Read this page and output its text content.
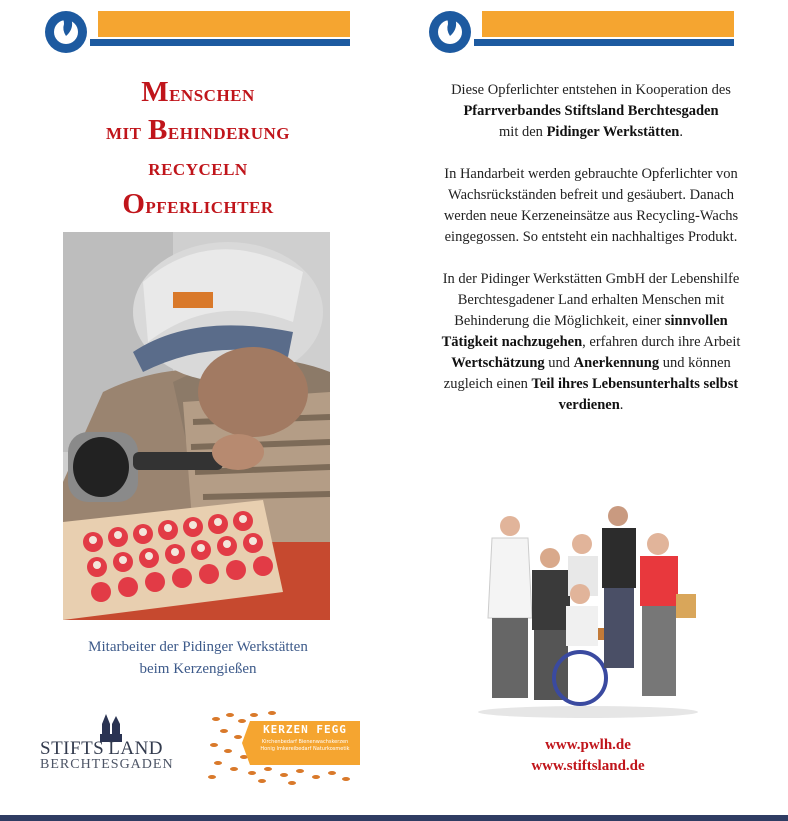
Menschen
mit Behinderung
recyceln
Opferlichter
Mitarbeiter der Pidinger Werkstätten
beim Kerzengießen
STIFTS LAND
BERCHTESGADEN
KERZEN FEGG
Kirchenbedarf Bienenwachskerzen Honig Imkereibedarf Naturkosmetik

Diese Opferlichter entstehen in Kooperation des
Pfarrverbandes Stiftsland Berchtesgaden
mit den Pidinger Werkstätten.

In Handarbeit werden gebrauchte Opferlichter von Wachsrückständen befreit und gesäubert. Danach werden neue Kerzeneinsätze aus Recycling-Wachs eingegossen. So entsteht ein nachhaltiges Produkt.

In der Pidinger Werkstätten GmbH der Lebenshilfe Berchtesgadener Land erhalten Menschen mit Behinderung die Möglichkeit, einer sinnvollen Tätigkeit nachzugehen, erfahren durch ihre Arbeit Wertschätzung und Anerkennung und können zugleich einen Teil ihres Lebensunterhalts selbst verdienen.

www.pwlh.de
www.stiftsland.de
